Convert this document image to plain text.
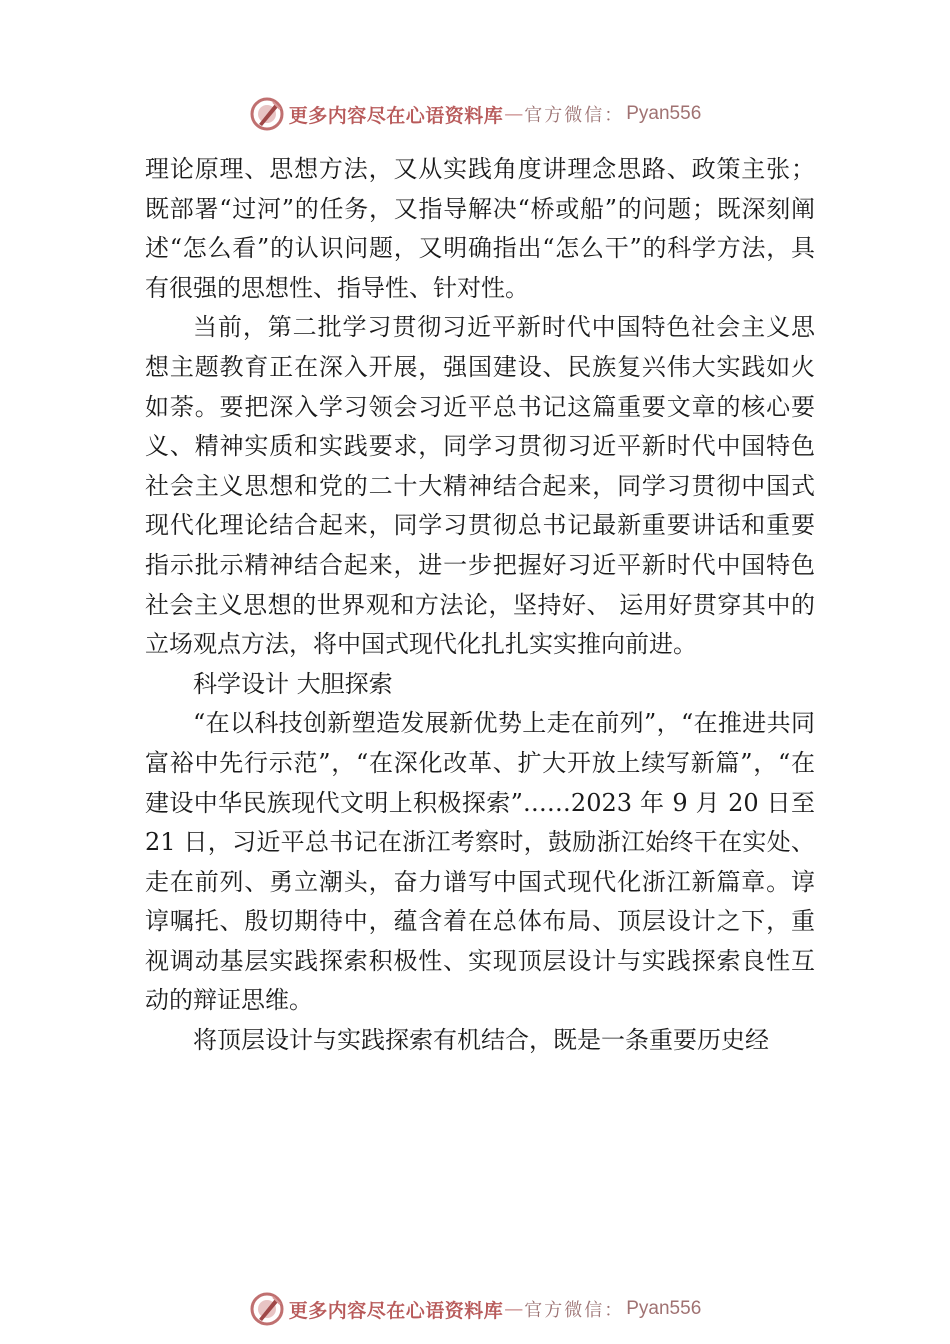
更多内容尽在心语资料库 — 官方微信： Pyan556

理论原理、思想方法，又从实践角度讲理念思路、政策主张；既部署“过河”的任务，又指导解决“桥或船”的问题；既深刻阐述“怎么看”的认识问题，又明确指出“怎么干”的科学方法，具有很强的思想性、指导性、针对性。

当前，第二批学习贯彻习近平新时代中国特色社会主义思想主题教育正在深入开展，强国建设、民族复兴伟大实践如火如荼。要把深入学习领会习近平总书记这篇重要文章的核心要义、精神实质和实践要求，同学习贯彻习近平新时代中国特色社会主义思想和党的二十大精神结合起来，同学习贯彻中国式现代化理论结合起来，同学习贯彻总书记最新重要讲话和重要指示批示精神结合起来，进一步把握好习近平新时代中国特色社会主义思想的世界观和方法论，坚持好、 运用好贯穿其中的立场观点方法，将中国式现代化扎扎实实推向前进。

科学设计 大胆探索

“在以科技创新塑造发展新优势上走在前列”，“在推进共同富裕中先行示范”，“在深化改革、扩大开放上续写新篇”，“在建设中华民族现代文明上积极探索”……2023 年 9 月 20 日至 21 日，习近平总书记在浙江考察时，鼓励浙江始终干在实处、走在前列、勇立潮头，奋力谱写中国式现代化浙江新篇章。谆谆嘱托、殷切期待中，蕴含着在总体布局、顶层设计之下，重视调动基层实践探索积极性、实现顶层设计与实践探索良性互动的辩证思维。

将顶层设计与实践探索有机结合，既是一条重要历史经

更多内容尽在心语资料库 — 官方微信： Pyan556
